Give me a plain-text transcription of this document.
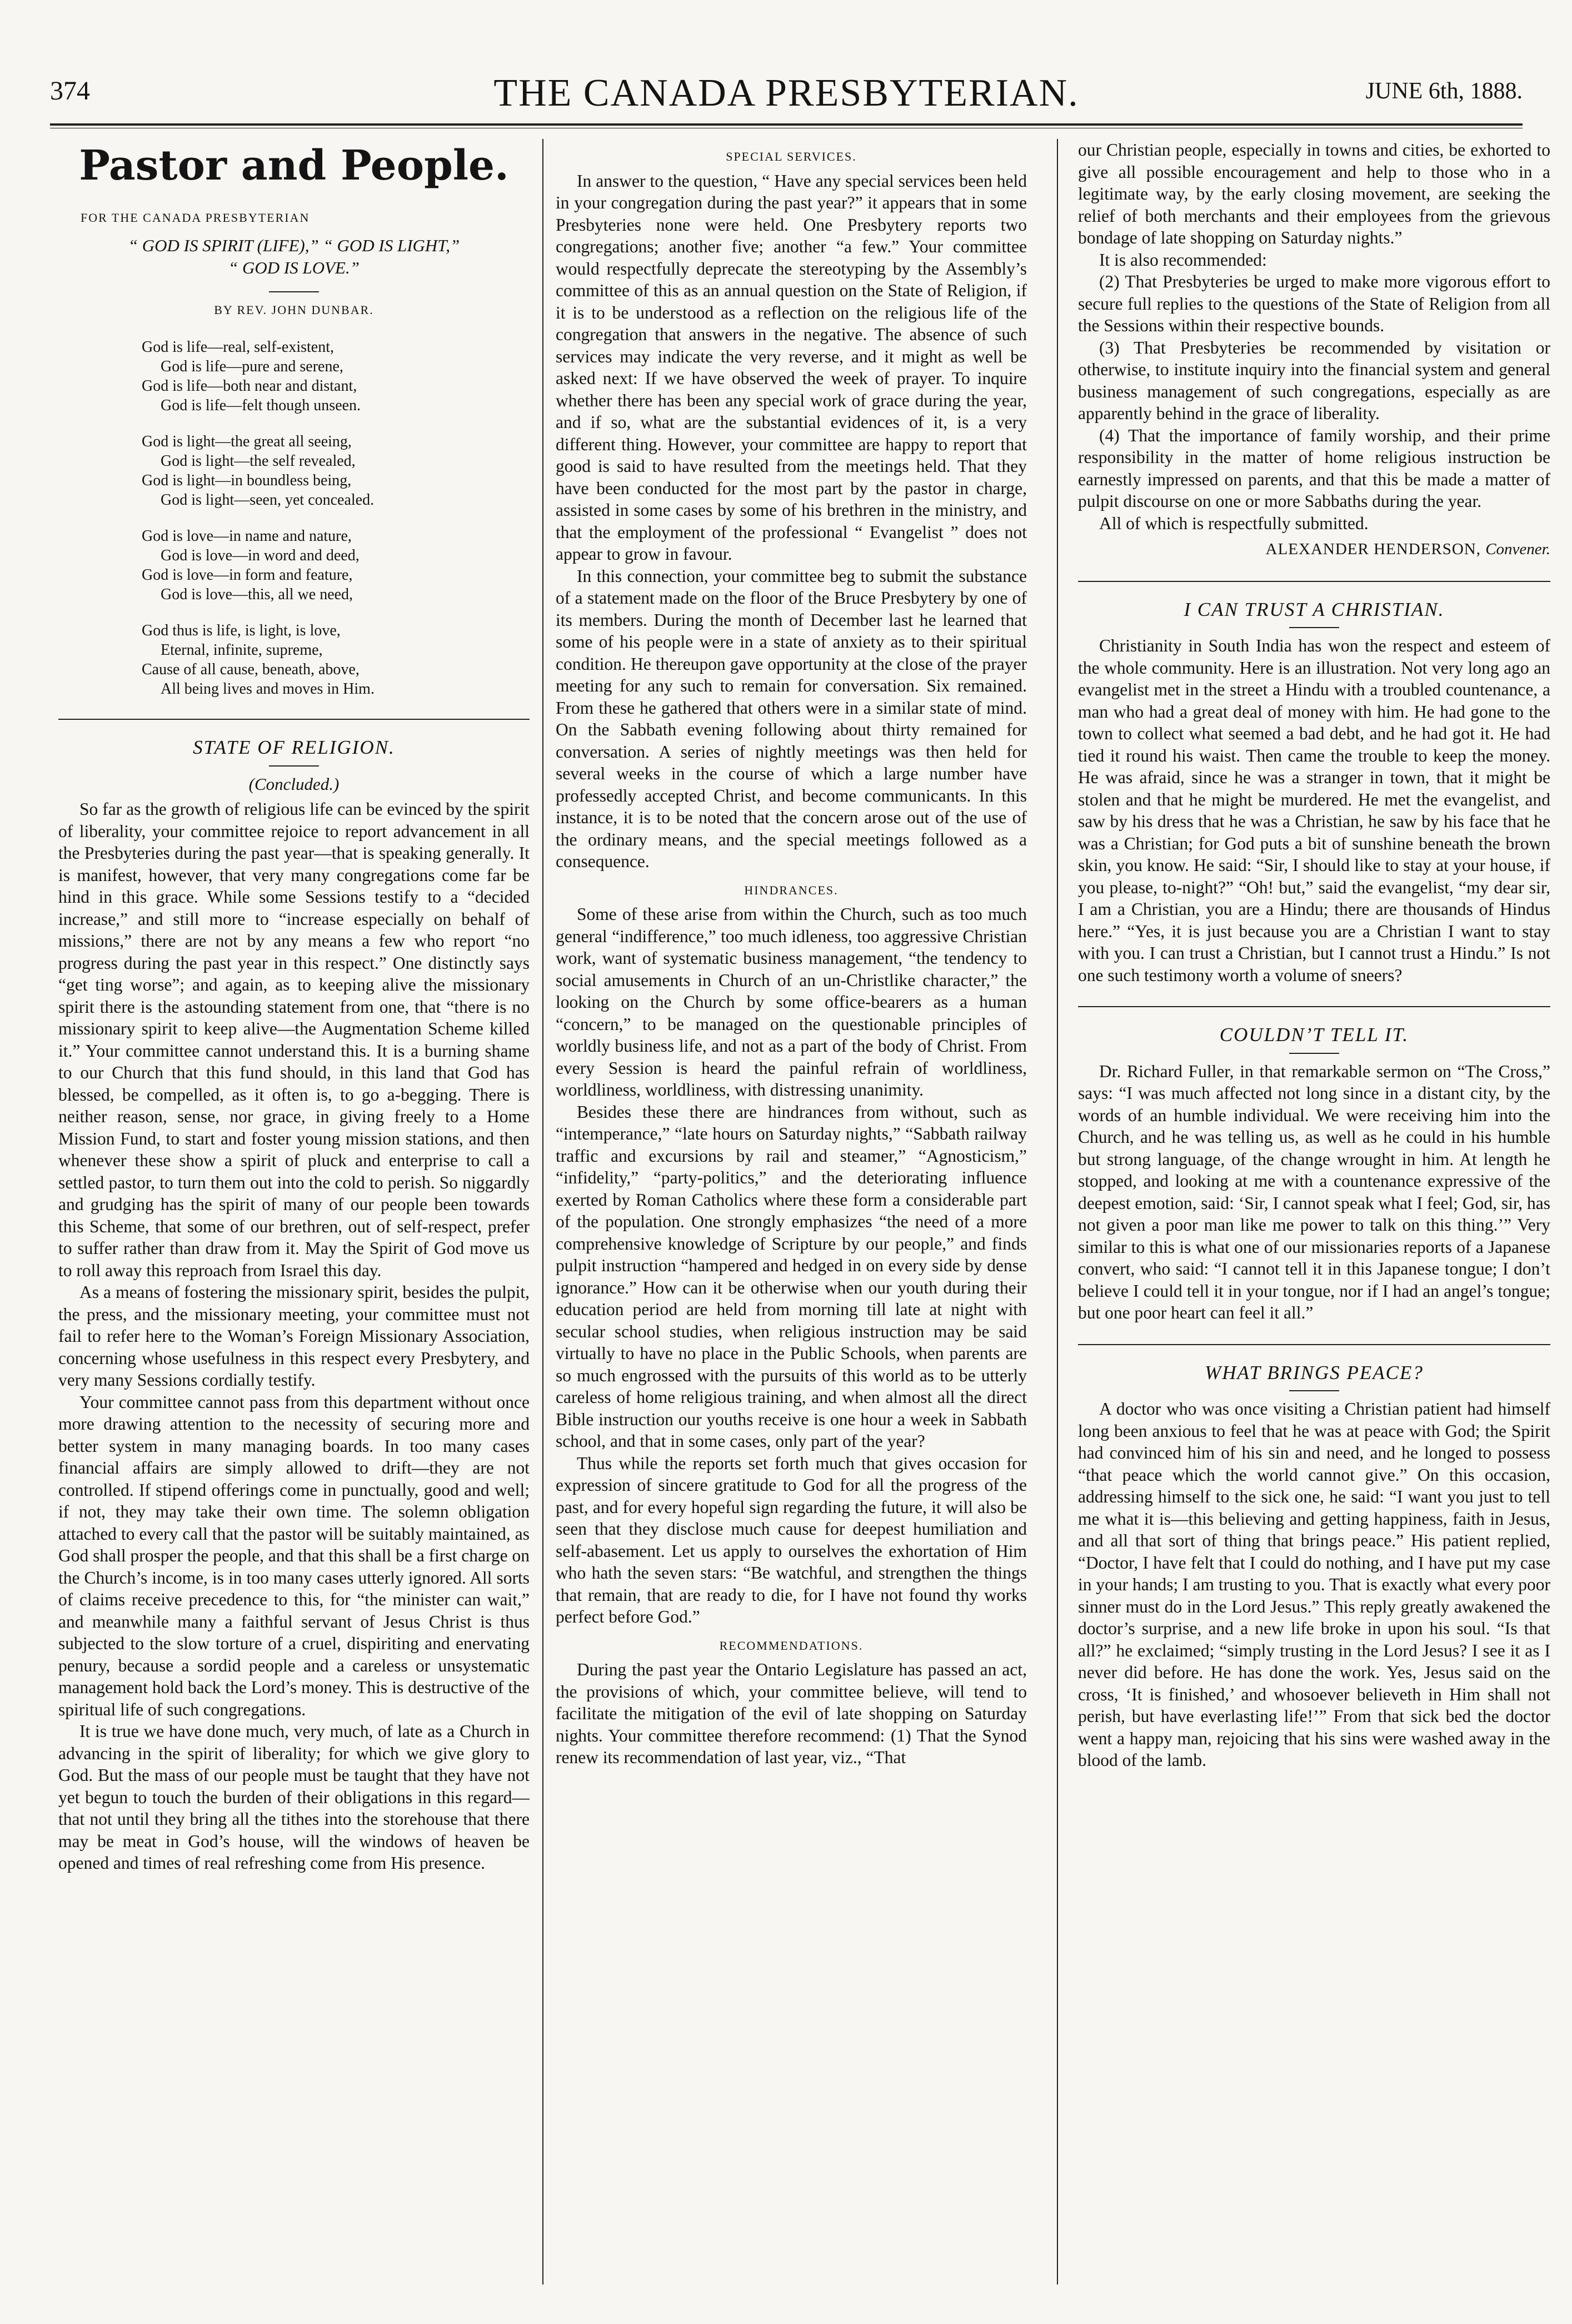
374	THE CANADA PRESBYTERIAN.	JUNE 6th, 1888.
Pastor and People.
FOR THE CANADA PRESBYTERIAN
“ GOD IS SPIRIT (LIFE),” “ GOD IS LIGHT,”
“ GOD IS LOVE.”
BY REV. JOHN DUNBAR.
God is life—real, self-existent,
God is life—pure and serene,
God is life—both near and distant,
God is life—felt though unseen.
God is light—the great all seeing,
God is light—the self revealed,
God is light—in boundless being,
God is light—seen, yet concealed.
God is love—in name and nature,
God is love—in word and deed,
God is love—in form and feature,
God is love—this, all we need,
God thus is life, is light, is love,
Eternal, infinite, supreme,
Cause of all cause, beneath, above,
All being lives and moves in Him.
STATE OF RELIGION.
(Concluded.)

So far as the growth of religious life can be evinced by the spirit of liberality, your committee rejoice to report advancement in all the Presbyteries during the past year—that is speaking generally. It is manifest, however, that very many congregations come far be hind in this grace. While some Sessions testify to a “decided increase,” and still more to “increase especially on behalf of missions,” there are not by any means a few who report “no progress during the past year in this respect.” One distinctly says “get ting worse”; and again, as to keeping alive the missionary spirit there is the astounding statement from one, that “there is no missionary spirit to keep alive—the Augmentation Scheme killed it.” Your committee cannot understand this. It is a burning shame to our Church that this fund should, in this land that God has blessed, be compelled, as it often is, to go a-begging. There is neither reason, sense, nor grace, in giving freely to a Home Mission Fund, to start and foster young mission stations, and then whenever these show a spirit of pluck and enterprise to call a settled pastor, to turn them out into the cold to perish. So niggardly and grudging has the spirit of many of our people been towards this Scheme, that some of our brethren, out of self-respect, prefer to suffer rather than draw from it. May the Spirit of God move us to roll away this reproach from Israel this day.

As a means of fostering the missionary spirit, besides the pulpit, the press, and the missionary meeting, your committee must not fail to refer here to the Woman’s Foreign Missionary Association, concerning whose usefulness in this respect every Presbytery, and very many Sessions cordially testify.

Your committee cannot pass from this department without once more drawing attention to the necessity of securing more and better system in many managing boards. In too many cases financial affairs are simply allowed to drift—they are not controlled. If stipend offerings come in punctually, good and well; if not, they may take their own time. The solemn obligation attached to every call that the pastor will be suitably maintained, as God shall prosper the people, and that this shall be a first charge on the Church’s income, is in too many cases utterly ignored. All sorts of claims receive precedence to this, for “the minister can wait,” and meanwhile many a faithful servant of Jesus Christ is thus subjected to the slow torture of a cruel, dispiriting and enervating penury, because a sordid people and a careless or unsystematic management hold back the Lord’s money. This is destructive of the spiritual life of such congregations.

It is true we have done much, very much, of late as a Church in advancing in the spirit of liberality; for which we give glory to God. But the mass of our people must be taught that they have not yet begun to touch the burden of their obligations in this regard—that not until they bring all the tithes into the storehouse that there may be meat in God’s house, will the windows of heaven be opened and times of real refreshing come from His presence.

SPECIAL SERVICES.

In answer to the question, “ Have any special services been held in your congregation during the past year?” it appears that in some Presbyteries none were held. One Presbytery reports two congregations; another five; another “a few.” Your committee would respectfully deprecate the stereotyping by the Assembly’s committee of this as an annual question on the State of Religion, if it is to be understood as a reflection on the religious life of the congregation that answers in the negative. The absence of such services may indicate the very reverse, and it might as well be asked next: If we have observed the week of prayer. To inquire whether there has been any special work of grace during the year, and if so, what are the substantial evidences of it, is a very different thing. However, your committee are happy to report that good is said to have resulted from the meetings held. That they have been conducted for the most part by the pastor in charge, assisted in some cases by some of his brethren in the ministry, and that the employment of the professional “ Evangelist ” does not appear to grow in favour.

In this connection, your committee beg to submit the substance of a statement made on the floor of the Bruce Presbytery by one of its members. During the month of December last he learned that some of his people were in a state of anxiety as to their spiritual condition. He thereupon gave opportunity at the close of the prayer meeting for any such to remain for conversation. Six remained. From these he gathered that others were in a similar state of mind. On the Sabbath evening following about thirty remained for conversation. A series of nightly meetings was then held for several weeks in the course of which a large number have professedly accepted Christ, and become communicants. In this instance, it is to be noted that the concern arose out of the use of the ordinary means, and the special meetings followed as a consequence.

HINDRANCES.

Some of these arise from within the Church, such as too much general “indifference,” too much idleness, too aggressive Christian work, want of systematic business management, “the tendency to social amusements in Church of an un-Christlike character,” the looking on the Church by some office-bearers as a human “concern,” to be managed on the questionable principles of worldly business life, and not as a part of the body of Christ. From every Session is heard the painful refrain of worldliness, worldliness, worldliness, with distressing unanimity.

Besides these there are hindrances from without, such as “intemperance,” “late hours on Saturday nights,” “Sabbath railway traffic and excursions by rail and steamer,” “Agnosticism,” “infidelity,” “party-politics,” and the deteriorating influence exerted by Roman Catholics where these form a considerable part of the population. One strongly emphasizes “the need of a more comprehensive knowledge of Scripture by our people,” and finds pulpit instruction “hampered and hedged in on every side by dense ignorance.” How can it be otherwise when our youth during their education period are held from morning till late at night with secular school studies, when religious instruction may be said virtually to have no place in the Public Schools, when parents are so much engrossed with the pursuits of this world as to be utterly careless of home religious training, and when almost all the direct Bible instruction our youths receive is one hour a week in Sabbath school, and that in some cases, only part of the year?

Thus while the reports set forth much that gives occasion for expression of sincere gratitude to God for all the progress of the past, and for every hopeful sign regarding the future, it will also be seen that they disclose much cause for deepest humiliation and self-abasement. Let us apply to ourselves the exhortation of Him who hath the seven stars: “Be watchful, and strengthen the things that remain, that are ready to die, for I have not found thy works perfect before God.”

RECOMMENDATIONS.

During the past year the Ontario Legislature has passed an act, the provisions of which, your committee believe, will tend to facilitate the mitigation of the evil of late shopping on Saturday nights. Your committee therefore recommend: (1) That the Synod renew its recommendation of last year, viz., “That

our Christian people, especially in towns and cities, be exhorted to give all possible encouragement and help to those who in a legitimate way, by the early closing movement, are seeking the relief of both merchants and their employees from the grievous bondage of late shopping on Saturday nights.”

It is also recommended:

(2) That Presbyteries be urged to make more vigorous effort to secure full replies to the questions of the State of Religion from all the Sessions within their respective bounds.

(3) That Presbyteries be recommended by visitation or otherwise, to institute inquiry into the financial system and general business management of such congregations, especially as are apparently behind in the grace of liberality.

(4) That the importance of family worship, and their prime responsibility in the matter of home religious instruction be earnestly impressed on parents, and that this be made a matter of pulpit discourse on one or more Sabbaths during the year.

All of which is respectfully submitted.

ALEXANDER HENDERSON, Convener.
I CAN TRUST A CHRISTIAN.

Christianity in South India has won the respect and esteem of the whole community. Here is an illustration. Not very long ago an evangelist met in the street a Hindu with a troubled countenance, a man who had a great deal of money with him. He had gone to the town to collect what seemed a bad debt, and he had got it. He had tied it round his waist. Then came the trouble to keep the money. He was afraid, since he was a stranger in town, that it might be stolen and that he might be murdered. He met the evangelist, and saw by his dress that he was a Christian, he saw by his face that he was a Christian; for God puts a bit of sunshine beneath the brown skin, you know. He said: “Sir, I should like to stay at your house, if you please, to-night?” “Oh! but,” said the evangelist, “my dear sir, I am a Christian, you are a Hindu; there are thousands of Hindus here.” “Yes, it is just because you are a Christian I want to stay with you. I can trust a Christian, but I cannot trust a Hindu.” Is not one such testimony worth a volume of sneers?

COULDN’T TELL IT.

Dr. Richard Fuller, in that remarkable sermon on “The Cross,” says: “I was much affected not long since in a distant city, by the words of an humble individual. We were receiving him into the Church, and he was telling us, as well as he could in his humble but strong language, of the change wrought in him. At length he stopped, and looking at me with a countenance expressive of the deepest emotion, said: ‘Sir, I cannot speak what I feel; God, sir, has not given a poor man like me power to talk on this thing.’” Very similar to this is what one of our missionaries reports of a Japanese convert, who said: “I cannot tell it in this Japanese tongue; I don’t believe I could tell it in your tongue, nor if I had an angel’s tongue; but one poor heart can feel it all.”

WHAT BRINGS PEACE?

A doctor who was once visiting a Christian patient had himself long been anxious to feel that he was at peace with God; the Spirit had convinced him of his sin and need, and he longed to possess “that peace which the world cannot give.” On this occasion, addressing himself to the sick one, he said: “I want you just to tell me what it is—this believing and getting happiness, faith in Jesus, and all that sort of thing that brings peace.” His patient replied, “Doctor, I have felt that I could do nothing, and I have put my case in your hands; I am trusting to you. That is exactly what every poor sinner must do in the Lord Jesus.” This reply greatly awakened the doctor’s surprise, and a new life broke in upon his soul. “Is that all?” he exclaimed; “simply trusting in the Lord Jesus? I see it as I never did before. He has done the work. Yes, Jesus said on the cross, ‘It is finished,’ and whosoever believeth in Him shall not perish, but have everlasting life!’” From that sick bed the doctor went a happy man, rejoicing that his sins were washed away in the blood of the lamb.
